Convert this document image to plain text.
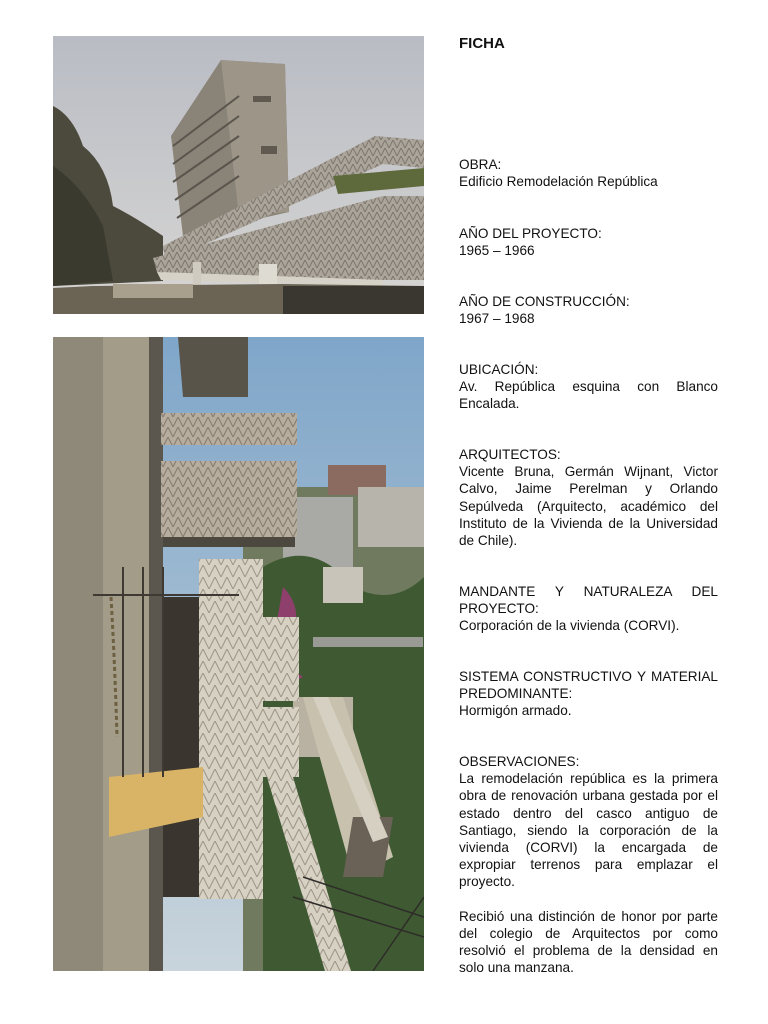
FICHA
OBRA:
Edificio Remodelación República
AÑO DEL PROYECTO:
1965 – 1966
AÑO DE CONSTRUCCIÓN:
1967 – 1968
UBICACIÓN:
Av. República esquina con Blanco Encalada.
ARQUITECTOS:
Vicente Bruna, Germán Wijnant, Victor Calvo, Jaime Perelman y Orlando Sepúlveda (Arquitecto, académico del Instituto de la Vivienda de la Universidad de Chile).
MANDANTE Y NATURALEZA DEL PROYECTO:
Corporación de la vivienda (CORVI).
SISTEMA CONSTRUCTIVO Y MATERIAL PREDOMINANTE:
Hormigón armado.
OBSERVACIONES:
La remodelación república es la primera obra de renovación urbana gestada por el estado dentro del casco antiguo de Santiago, siendo la corporación de la vivienda (CORVI) la encargada de expropiar terrenos para emplazar el proyecto.
Recibió una distinción de honor por parte del colegio de Arquitectos por como resolvió el problema de la densidad en solo una manzana.
